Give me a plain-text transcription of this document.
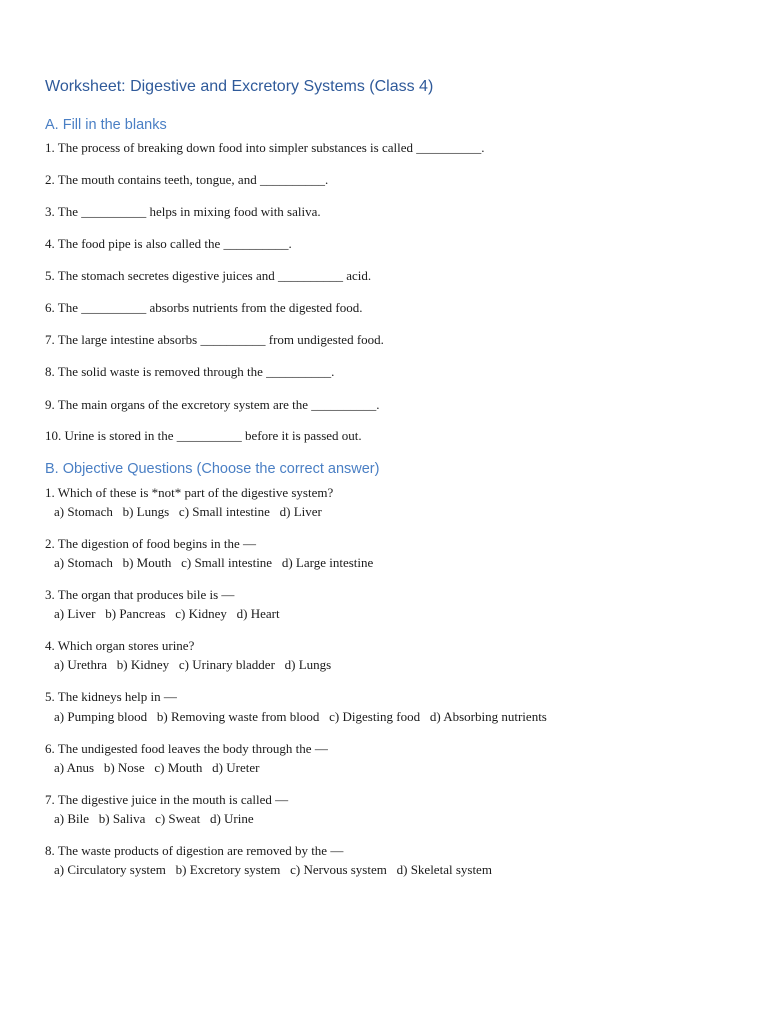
Worksheet: Digestive and Excretory Systems (Class 4)
A. Fill in the blanks
1. The process of breaking down food into simpler substances is called __________.
2. The mouth contains teeth, tongue, and __________.
3. The __________ helps in mixing food with saliva.
4. The food pipe is also called the __________.
5. The stomach secretes digestive juices and __________ acid.
6. The __________ absorbs nutrients from the digested food.
7. The large intestine absorbs __________ from undigested food.
8. The solid waste is removed through the __________.
9. The main organs of the excretory system are the __________.
10. Urine is stored in the __________ before it is passed out.
B. Objective Questions (Choose the correct answer)
1. Which of these is *not* part of the digestive system?
a) Stomach   b) Lungs   c) Small intestine   d) Liver
2. The digestion of food begins in the —
a) Stomach   b) Mouth   c) Small intestine   d) Large intestine
3. The organ that produces bile is —
a) Liver   b) Pancreas   c) Kidney   d) Heart
4. Which organ stores urine?
a) Urethra   b) Kidney   c) Urinary bladder   d) Lungs
5. The kidneys help in —
a) Pumping blood   b) Removing waste from blood   c) Digesting food   d) Absorbing nutrients
6. The undigested food leaves the body through the —
a) Anus   b) Nose   c) Mouth   d) Ureter
7. The digestive juice in the mouth is called —
a) Bile   b) Saliva   c) Sweat   d) Urine
8. The waste products of digestion are removed by the —
a) Circulatory system   b) Excretory system   c) Nervous system   d) Skeletal system
